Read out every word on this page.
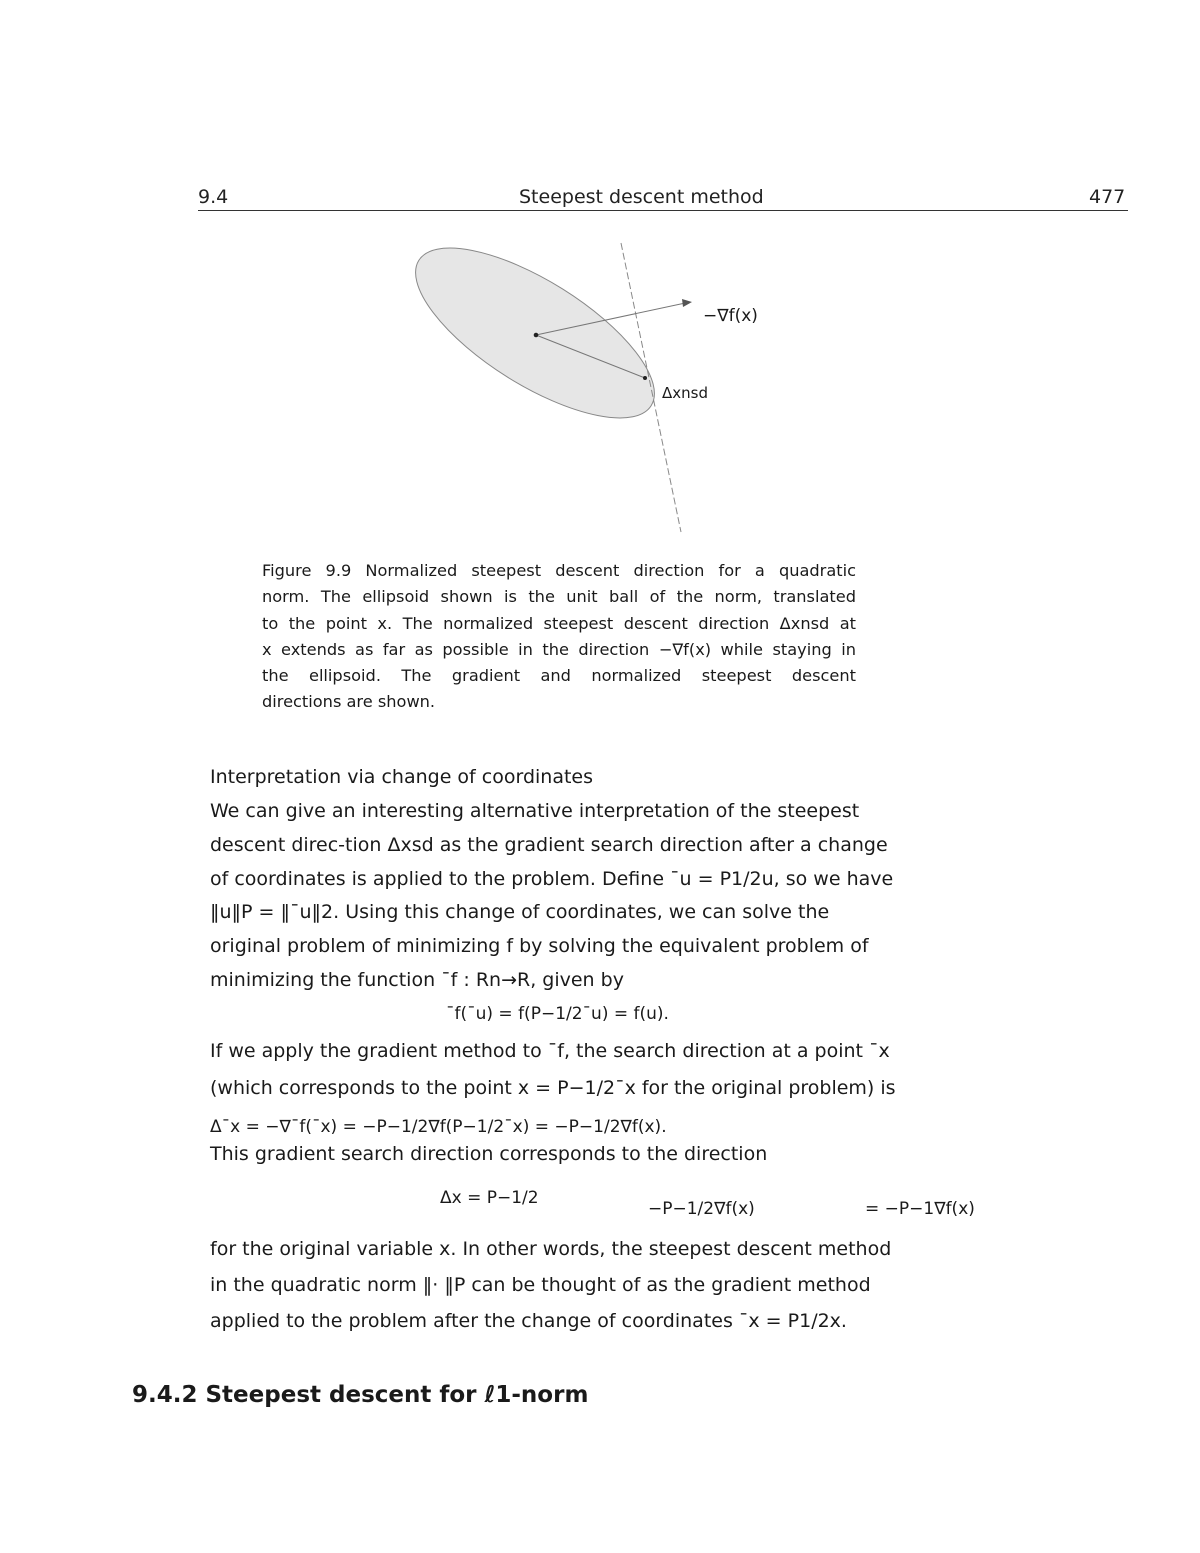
9.4	Steepest descent method	477
−∇f(x)
Δxnsd
Figure 9.9 Normalized steepest descent direction for a quadratic
norm. The ellipsoid shown is the unit ball of the norm, translated
to the point x. The normalized steepest descent direction Δxnsd at
x extends as far as possible in the direction −∇f(x) while staying in
the ellipsoid. The gradient and normalized steepest descent
directions are shown.
Interpretation via change of coordinates
We can give an interesting alternative interpretation of the steepest
descent direc-tion Δxsd as the gradient search direction after a change
of coordinates is applied to the problem. Define ¯u = P1/2u, so we have
‖u‖P = ‖¯u‖2. Using this change of coordinates, we can solve the
original problem of minimizing f by solving the equivalent problem of
minimizing the function ¯f : Rn→R, given by
¯f(¯u) = f(P−1/2¯u) = f(u).
If we apply the gradient method to ¯f, the search direction at a point ¯x
(which corresponds to the point x = P−1/2¯x for the original problem) is
Δ¯x = −∇¯f(¯x) = −P−1/2∇f(P−1/2¯x) = −P−1/2∇f(x).
This gradient search direction corresponds to the direction
Δx = P−1/2
−P−1/2∇f(x)	= −P−1∇f(x)
for the original variable x. In other words, the steepest descent method
in the quadratic norm ‖· ‖P can be thought of as the gradient method
applied to the problem after the change of coordinates ¯x = P1/2x.
9.4.2 Steepest descent for ℓ1-norm
